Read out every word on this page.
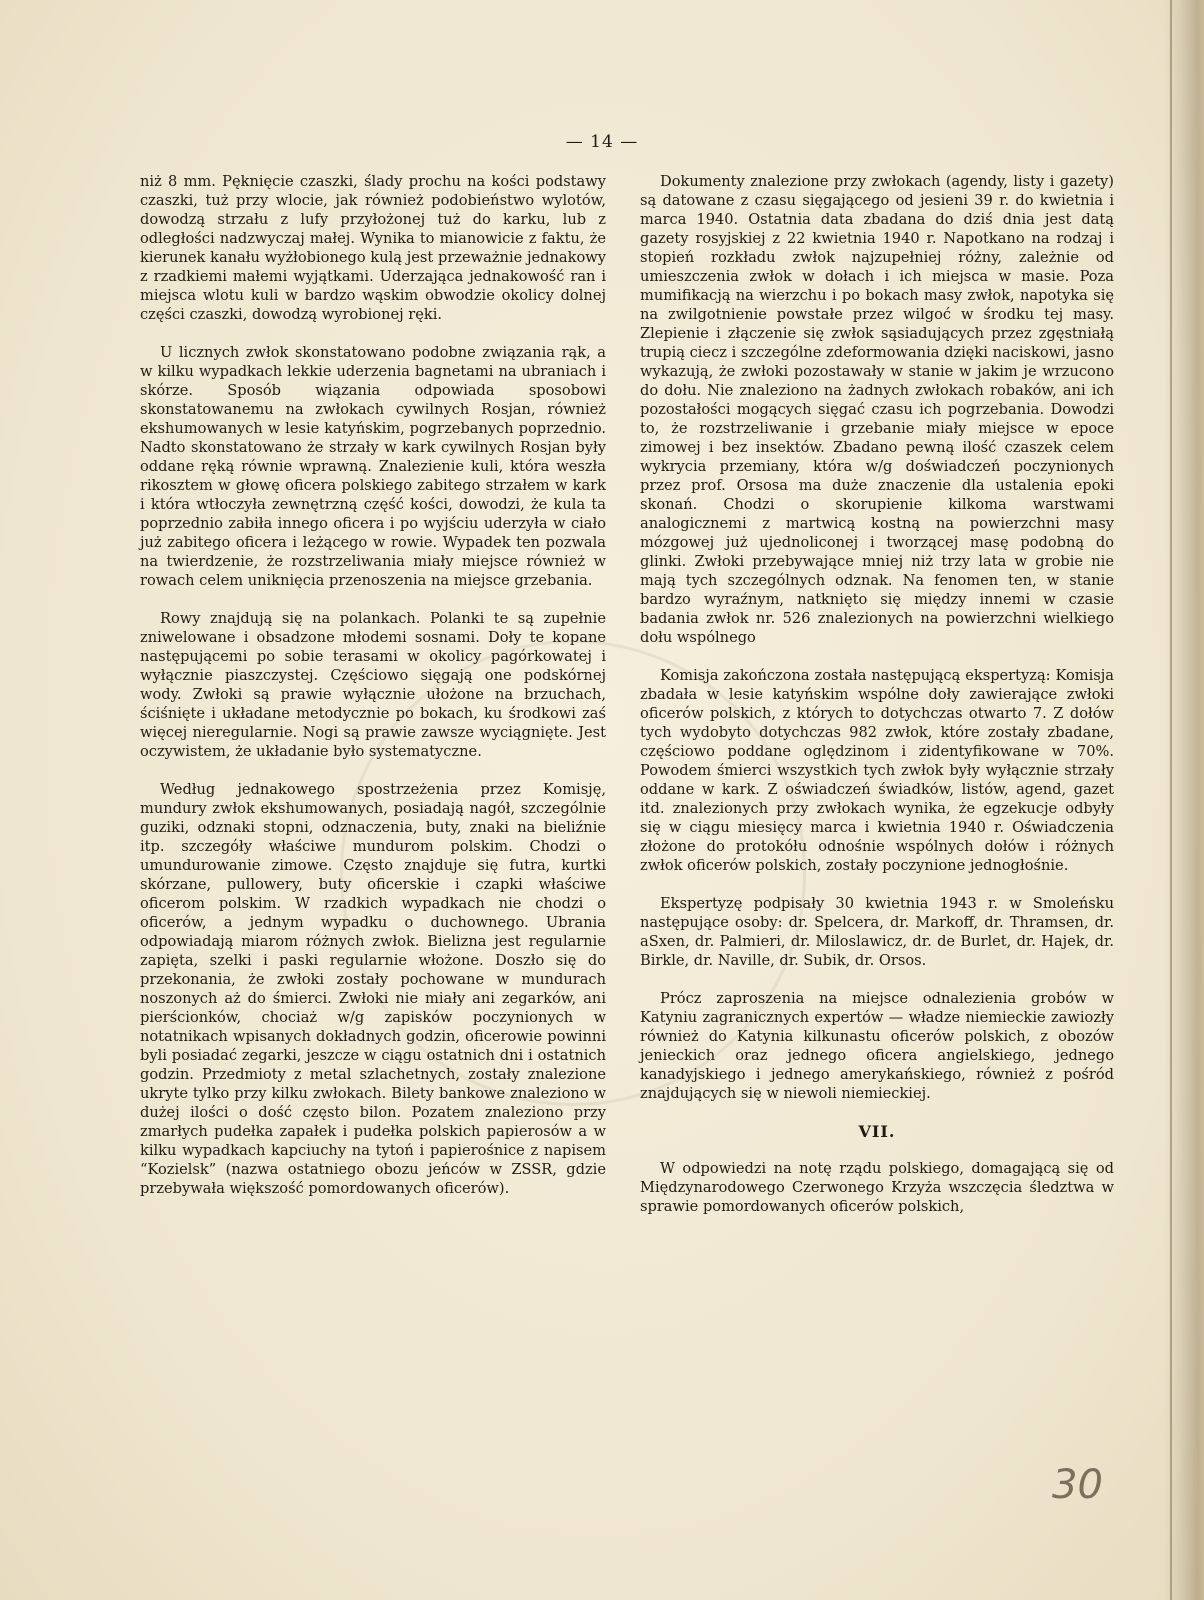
— 14 —

niż 8 mm. Pęknięcie czaszki, ślady prochu na kości podstawy czaszki, tuż przy wlocie, jak również podobieństwo wylotów, dowodzą strzału z lufy przyłożonej tuż do karku, lub z odległości nadzwyczaj małej. Wynika to mianowicie z faktu, że kierunek kanału wyżłobionego kulą jest przeważnie jednakowy z rzadkiemi małemi wyjątkami. Uderzająca jednakowość ran i miejsca wlotu kuli w bardzo wąskim obwodzie okolicy dolnej części czaszki, dowodzą wyrobionej ręki.

U licznych zwłok skonstatowano podobne związania rąk, a w kilku wypadkach lekkie uderzenia bagnetami na ubraniach i skórze. Sposób wiązania odpowiada sposobowi skonstatowanemu na zwłokach cywilnych Rosjan, również ekshumowanych w lesie katyńskim, pogrzebanych poprzednio. Nadto skonstatowano że strzały w kark cywilnych Rosjan były oddane ręką równie wprawną. Znalezienie kuli, która weszła rikosztem w głowę oficera polskiego zabitego strzałem w kark i która wtłoczyła zewnętrzną część kości, dowodzi, że kula ta poprzednio zabiła innego oficera i po wyjściu uderzyła w ciało już zabitego oficera i leżącego w rowie. Wypadek ten pozwala na twierdzenie, że rozstrzeliwania miały miejsce również w rowach celem uniknięcia przenoszenia na miejsce grzebania.

Rowy znajdują się na polankach. Polanki te są zupełnie zniwelowane i obsadzone młodemi sosnami. Doły te kopane następującemi po sobie terasami w okolicy pagórkowatej i wyłącznie piaszczystej. Częściowo sięgają one podskórnej wody. Zwłoki są prawie wyłącznie ułożone na brzuchach, ściśnięte i układane metodycznie po bokach, ku środkowi zaś więcej nieregularnie. Nogi są prawie zawsze wyciągnięte. Jest oczywistem, że układanie było systematyczne.

Według jednakowego spostrzeżenia przez Komisję, mundury zwłok ekshumowanych, posiadają nagół, szczególnie guziki, odznaki stopni, odznaczenia, buty, znaki na bieliźnie itp. szczegóły właściwe mundurom polskim. Chodzi o umundurowanie zimowe. Często znajduje się futra, kurtki skórzane, pullowery, buty oficerskie i czapki właściwe oficerom polskim. W rzadkich wypadkach nie chodzi o oficerów, a jednym wypadku o duchownego. Ubrania odpowiadają miarom różnych zwłok. Bielizna jest regularnie zapięta, szelki i paski regularnie włożone. Doszło się do przekonania, że zwłoki zostały pochowane w mundurach noszonych aż do śmierci. Zwłoki nie miały ani zegarków, ani pierścionków, chociaż w/g zapisków poczynionych w notatnikach wpisanych dokładnych godzin, oficerowie powinni byli posiadać zegarki, jeszcze w ciągu ostatnich dni i ostatnich godzin. Przedmioty z metal szlachetnych, zostały znalezione ukryte tylko przy kilku zwłokach. Bilety bankowe znaleziono w dużej ilości o dość często bilon. Pozatem znaleziono przy zmarłych pudełka zapałek i pudełka polskich papierosów a w kilku wypadkach kapciuchy na tytoń i papierośnice z napisem “Kozielsk” (nazwa ostatniego obozu jeńców w ZSSR, gdzie przebywała większość pomordowanych oficerów).

Dokumenty znalezione przy zwłokach (agendy, listy i gazety) są datowane z czasu sięgającego od jesieni 39 r. do kwietnia i marca 1940. Ostatnia data zbadana do dziś dnia jest datą gazety rosyjskiej z 22 kwietnia 1940 r. Napotkano na rodzaj i stopień rozkładu zwłok najzupełniej różny, zależnie od umieszczenia zwłok w dołach i ich miejsca w masie. Poza mumifikacją na wierzchu i po bokach masy zwłok, napotyka się na zwilgotnienie powstałe przez wilgoć w środku tej masy. Zlepienie i złączenie się zwłok sąsiadujących przez zgęstniałą trupią ciecz i szczególne zdeformowania dzięki naciskowi, jasno wykazują, że zwłoki pozostawały w stanie w jakim je wrzucono do dołu. Nie znaleziono na żadnych zwłokach robaków, ani ich pozostałości mogących sięgać czasu ich pogrzebania. Dowodzi to, że rozstrzeliwanie i grzebanie miały miejsce w epoce zimowej i bez insektów. Zbadano pewną ilość czaszek celem wykrycia przemiany, która w/g doświadczeń poczynionych przez prof. Orsosa ma duże znaczenie dla ustalenia epoki skonań. Chodzi o skorupienie kilkoma warstwami analogicznemi z martwicą kostną na powierzchni masy mózgowej już ujednoliconej i tworzącej masę podobną do glinki. Zwłoki przebywające mniej niż trzy lata w grobie nie mają tych szczególnych odznak. Na fenomen ten, w stanie bardzo wyraźnym, natknięto się między innemi w czasie badania zwłok nr. 526 znalezionych na powierzchni wielkiego dołu wspólnego

Komisja zakończona została następującą ekspertyzą: Komisja zbadała w lesie katyńskim wspólne doły zawierające zwłoki oficerów polskich, z których to dotychczas otwarto 7. Z dołów tych wydobyto dotychczas 982 zwłok, które zostały zbadane, częściowo poddane oględzinom i zidentyfikowane w 70%. Powodem śmierci wszystkich tych zwłok były wyłącznie strzały oddane w kark. Z oświadczeń świadków, listów, agend, gazet itd. znalezionych przy zwłokach wynika, że egzekucje odbyły się w ciągu miesięcy marca i kwietnia 1940 r. Oświadczenia złożone do protokółu odnośnie wspólnych dołów i różnych zwłok oficerów polskich, zostały poczynione jednogłośnie.

Ekspertyzę podpisały 30 kwietnia 1943 r. w Smoleńsku następujące osoby: dr. Spelcera, dr. Markoff, dr. Thramsen, dr. aSxen, dr. Palmieri, dr. Miloslawicz, dr. de Burlet, dr. Hajek, dr. Birkle, dr. Naville, dr. Subik, dr. Orsos.

Prócz zaproszenia na miejsce odnalezienia grobów w Katyniu zagranicznych expertów — władze niemieckie zawiozły również do Katynia kilkunastu oficerów polskich, z obozów jenieckich oraz jednego oficera angielskiego, jednego kanadyjskiego i jednego amerykańskiego, również z pośród znajdujących się w niewoli niemieckiej.

VII.

W odpowiedzi na notę rządu polskiego, domagającą się od Międzynarodowego Czerwonego Krzyża wszczęcia śledztwa w sprawie pomordowanych oficerów polskich,

30
